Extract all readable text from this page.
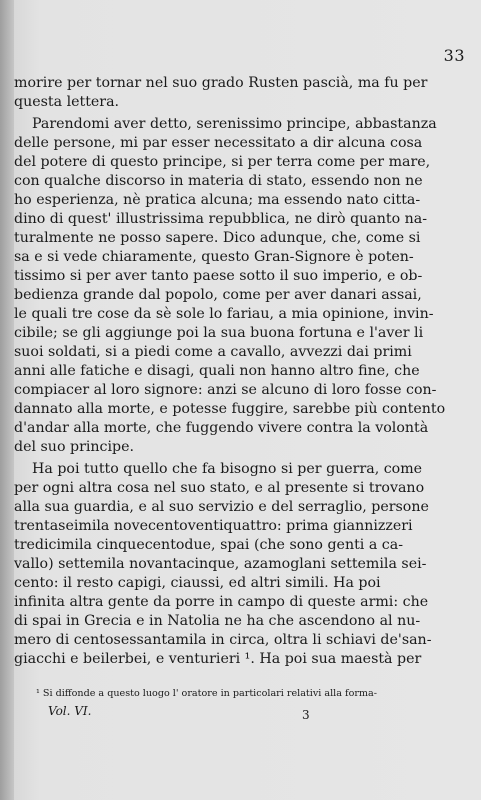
33
morire per tornar nel suo grado Rusten pascià, ma fu per
questa lettera.
Parendomi aver detto, serenissimo principe, abbastanza
delle persone, mi par esser necessitato a dir alcuna cosa
del potere di questo principe, si per terra come per mare,
con qualche discorso in materia di stato, essendo non ne
ho esperienza, nè pratica alcuna; ma essendo nato citta-
dino di quest' illustrissima repubblica, ne dirò quanto na-
turalmente ne posso sapere. Dico adunque, che, come si
sa e si vede chiaramente, questo Gran-Signore è poten-
tissimo si per aver tanto paese sotto il suo imperio, e ob-
bedienza grande dal popolo, come per aver danari assai,
le quali tre cose da sè sole lo fariau, a mia opinione, invin-
cibile; se gli aggiunge poi la sua buona fortuna e l'aver li
suoi soldati, si a piedi come a cavallo, avvezzi dai primi
anni alle fatiche e disagi, quali non hanno altro fine, che
compiacer al loro signore: anzi se alcuno di loro fosse con-
dannato alla morte, e potesse fuggire, sarebbe più contento
d'andar alla morte, che fuggendo vivere contra la volontà
del suo principe.
Ha poi tutto quello che fa bisogno si per guerra, come
per ogni altra cosa nel suo stato, e al presente si trovano
alla sua guardia, e al suo servizio e del serraglio, persone
trentaseimila novecentoventiquattro: prima giannizzeri
tredicimila cinquecentodue, spai (che sono genti a ca-
vallo) settemila novantacinque, azamoglani settemila sei-
cento: il resto capigi, ciaussi, ed altri simili. Ha poi
infinita altra gente da porre in campo di queste armi: che
di spai in Grecia e in Natolia ne ha che ascendono al nu-
mero di centosessantamila in circa, oltra li schiavi de'san-
giacchi e beilerbei, e venturieri ¹. Ha poi sua maestà per
¹ Si diffonde a questo luogo l' oratore in particolari relativi alla forma-
Vol. VI.	3
